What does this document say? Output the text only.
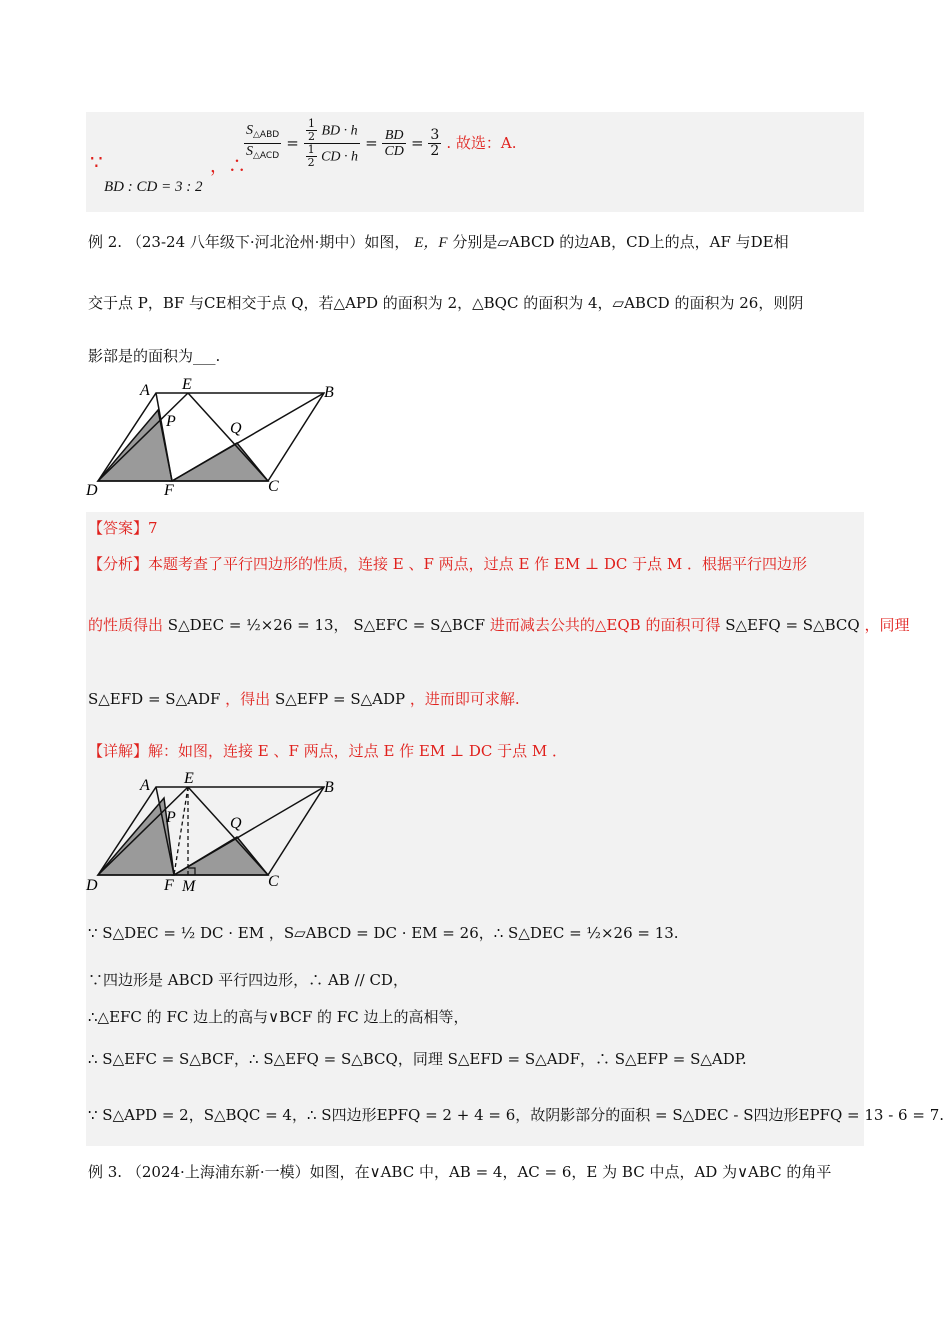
∵
BD : CD = 3 : 2
，∴
$\frac{S_{\triangle ABD}}{S_{\triangle ACD}} = \frac{\frac{1}{2} BD \cdot h}{\frac{1}{2} CD \cdot h} = \frac{BD}{CD} = \frac{3}{2}$ . 故选：A.
例 2. （23-24 八年级下·河北沧州·期中）如图， E，F 分别是▱ABCD 的边AB，CD上的点，AF 与DE相
交于点 P，BF 与CE相交于点 Q，若△APD 的面积为 2，△BQC 的面积为 4，▱ABCD 的面积为 26，则阴
影部是的面积为___.
A E	B
P	Q
D	F	C
【答案】7
【分析】本题考查了平行四边形的性质，连接 E 、F 两点，过点 E 作 EM ⊥ DC 于点 M ．根据平行四边形
的性质得出 S△DEC = ½×26 = 13， S△EFC = S△BCF 进而减去公共的△EQB 的面积可得 S△EFQ = S△BCQ ，同理
S△EFD = S△ADF ，得出 S△EFP = S△ADP ，进而即可求解.
【详解】解：如图，连接 E 、F 两点，过点 E 作 EM ⊥ DC 于点 M ．
A E
B
P	Q
D	F M	C
∵ S△DEC = ½ DC · EM ，S▱ABCD = DC · EM = 26，∴ S△DEC = ½×26 = 13.
∵四边形是 ABCD 平行四边形，∴ AB // CD，
∴△EFC 的 FC 边上的高与∨BCF 的 FC 边上的高相等，
∴ S△EFC = S△BCF，∴ S△EFQ = S△BCQ，同理 S△EFD = S△ADF，∴ S△EFP = S△ADP.
∵ S△APD = 2，S△BQC = 4，∴ S四边形EPFQ = 2 + 4 = 6，故阴影部分的面积 = S△DEC - S四边形EPFQ = 13 - 6 = 7.
例 3. （2024·上海浦东新·一模）如图，在∨ABC 中，AB = 4，AC = 6，E 为 BC 中点，AD 为∨ABC 的角平
